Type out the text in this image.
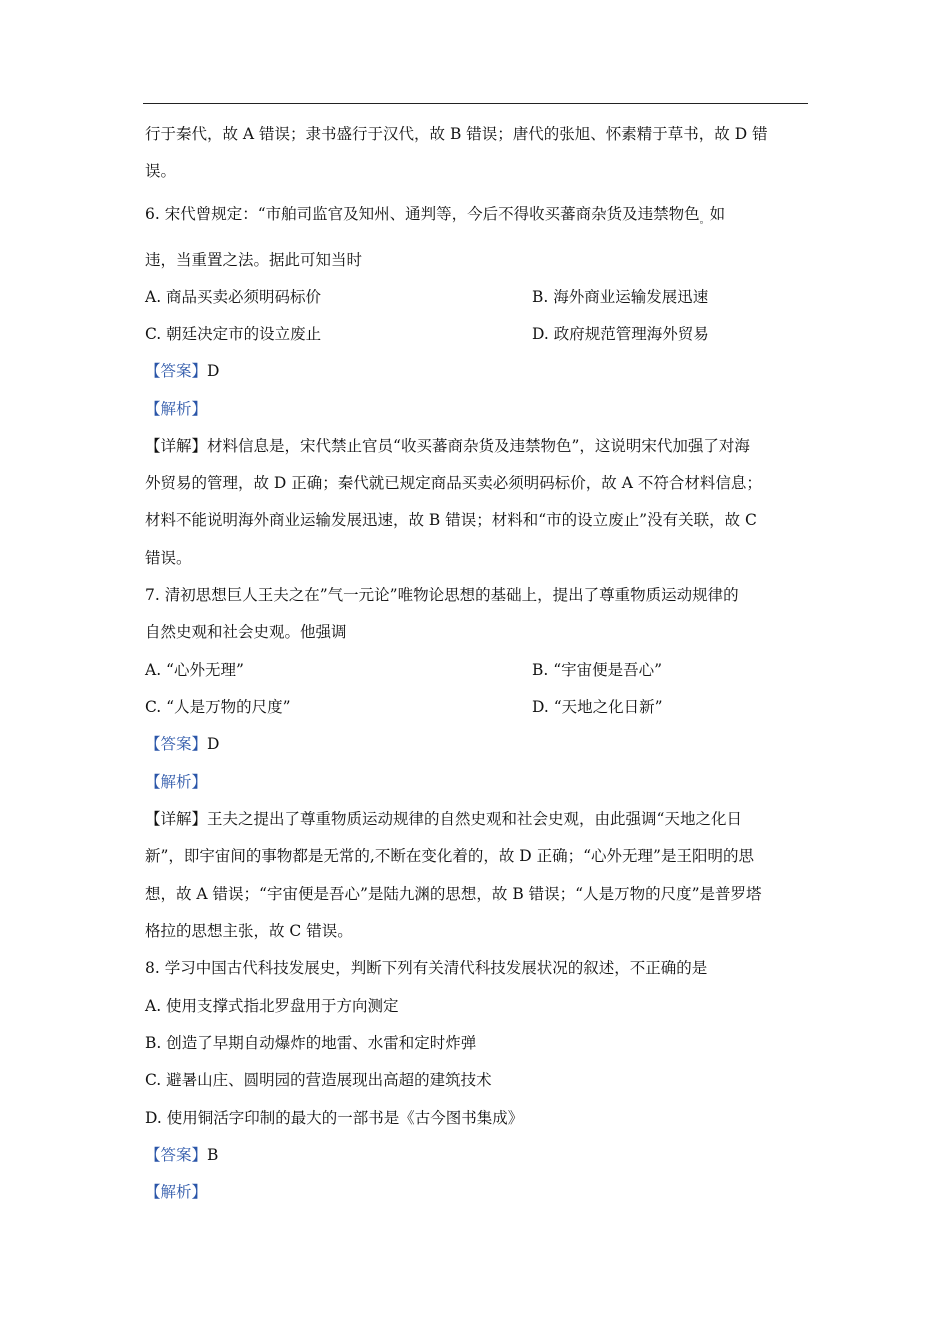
行于秦代，故 A 错误；隶书盛行于汉代，故 B 错误；唐代的张旭、怀素精于草书，故 D 错
误。
6. 宋代曾规定：“市舶司监官及知州、通判等，今后不得收买蕃商杂货及违禁物色$_。$如
违，当重置之法。据此可知当时
A. 商品买卖必须明码标价	B. 海外商业运输发展迅速
C. 朝廷决定市的设立废止	D. 政府规范管理海外贸易
【答案】D
【解析】
【详解】材料信息是，宋代禁止官员“收买蕃商杂货及违禁物色”，这说明宋代加强了对海
外贸易的管理，故 D 正确；秦代就已规定商品买卖必须明码标价，故 A 不符合材料信息；
材料不能说明海外商业运输发展迅速，故 B 错误；材料和“市的设立废止”没有关联，故 C
错误。
7. 清初思想巨人王夫之在”气一元论”唯物论思想的基础上，提出了尊重物质运动规律的
自然史观和社会史观。他强调
A. “心外无理”	B. “宇宙便是吾心”
C. “人是万物的尺度”	D. “天地之化日新”
【答案】D
【解析】
【详解】王夫之提出了尊重物质运动规律的自然史观和社会史观，由此强调“天地之化日
新”，即宇宙间的事物都是无常的,不断在变化着的，故 D 正确；“心外无理”是王阳明的思
想，故 A 错误；“宇宙便是吾心”是陆九渊的思想，故 B 错误；“人是万物的尺度”是普罗塔
格拉的思想主张，故 C 错误。
8. 学习中国古代科技发展史，判断下列有关清代科技发展状况的叙述，不正确的是
A. 使用支撑式指北罗盘用于方向测定
B. 创造了早期自动爆炸的地雷、水雷和定时炸弹
C. 避暑山庄、圆明园的营造展现出高超的建筑技术
D. 使用铜活字印制的最大的一部书是《古今图书集成》
【答案】B
【解析】
